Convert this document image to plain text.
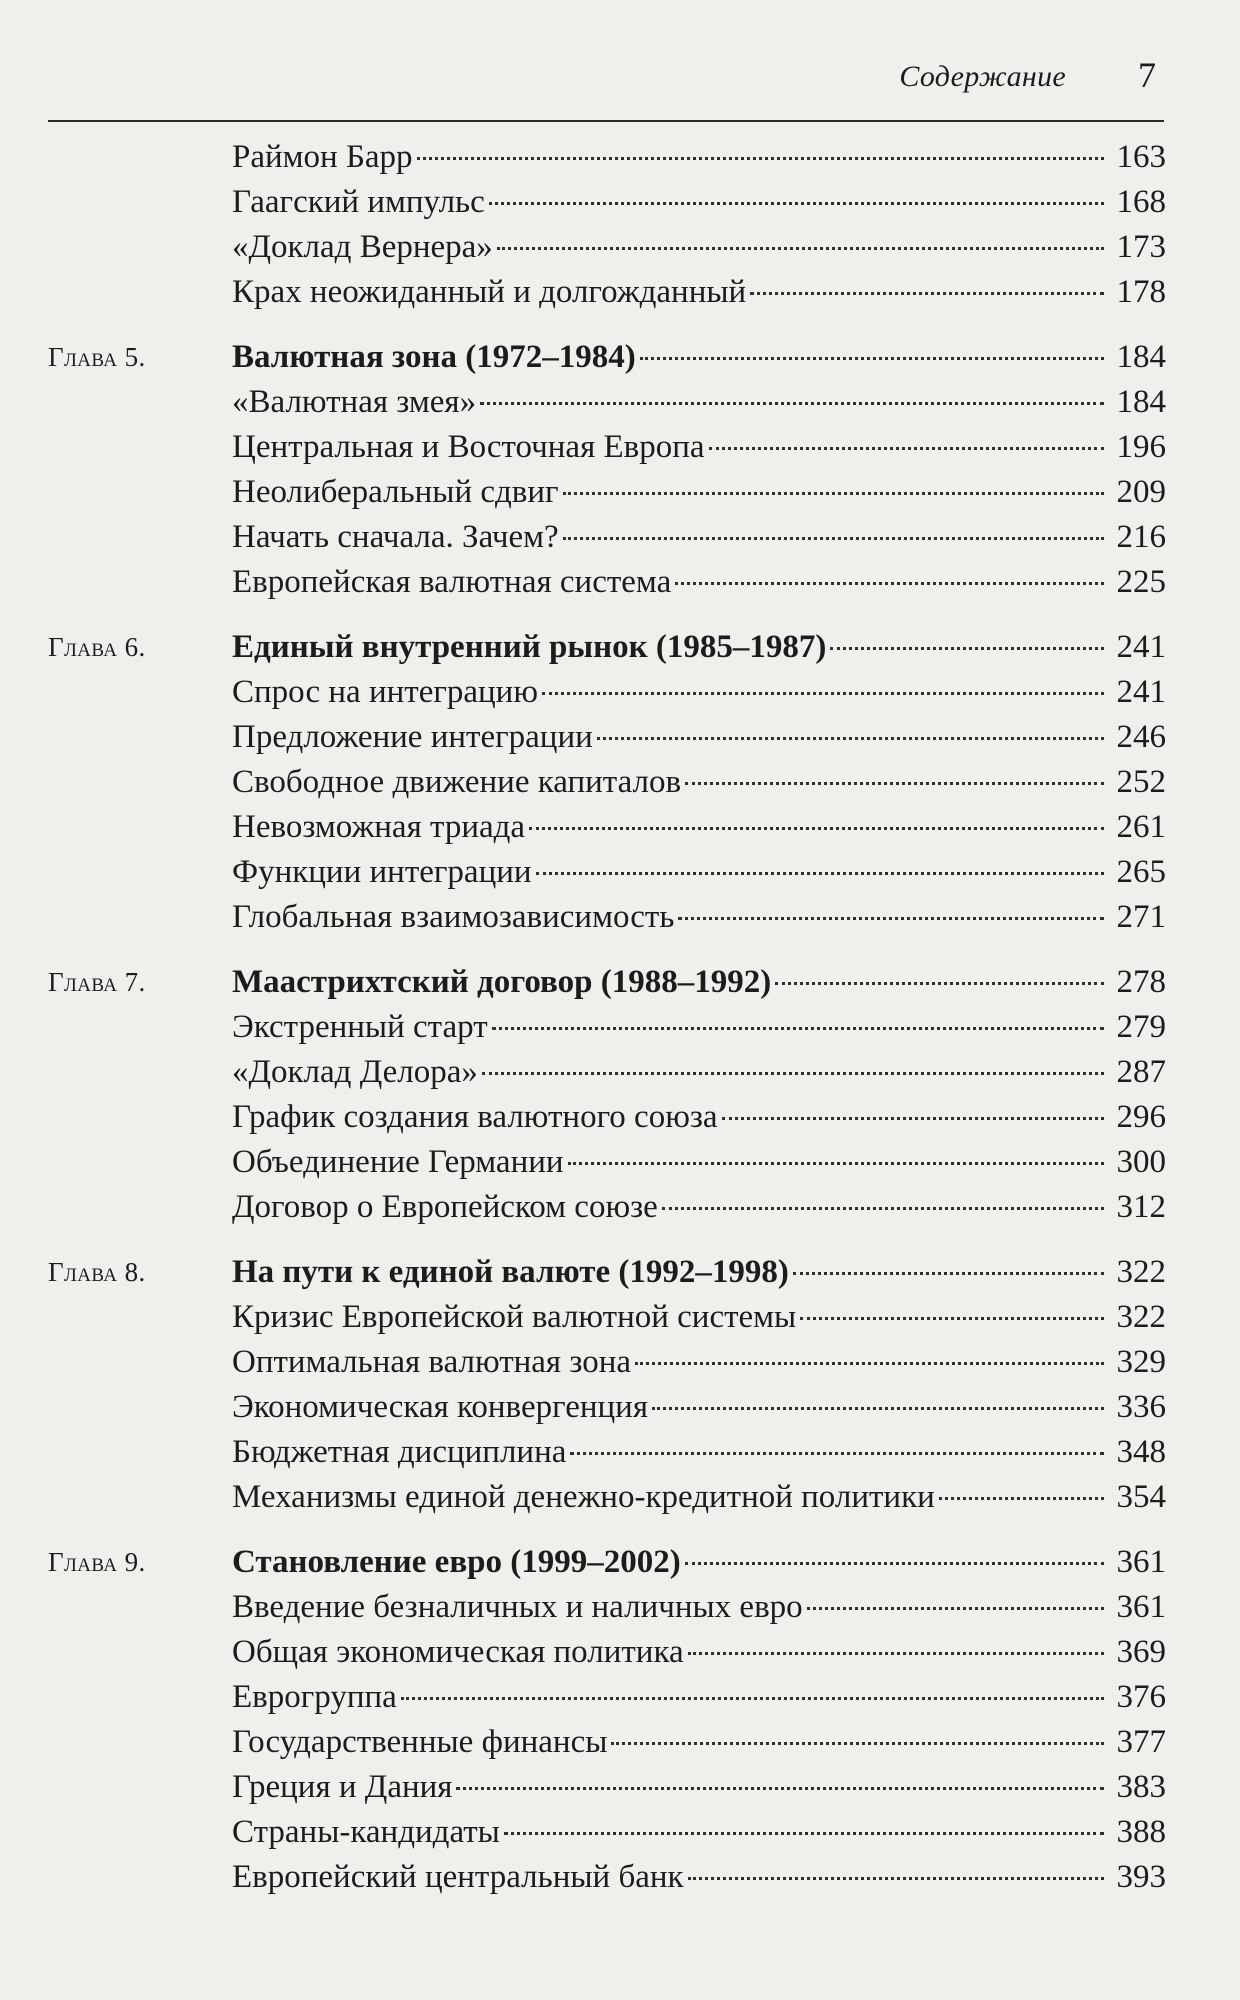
Содержание 7
Раймон Барр	163
Гаагский импульс	168
«Доклад Вернера»	173
Крах неожиданный и долгожданный	178
Глава 5.	Валютная зона (1972–1984)	184
«Валютная змея»	184
Центральная и Восточная Европа	196
Неолиберальный сдвиг	209
Начать сначала. Зачем?	216
Европейская валютная система	225
Глава 6.	Единый внутренний рынок (1985–1987)	241
Спрос на интеграцию	241
Предложение интеграции	246
Свободное движение капиталов	252
Невозможная триада	261
Функции интеграции	265
Глобальная взаимозависимость	271
Глава 7.	Маастрихтский договор (1988–1992)	278
Экстренный старт	279
«Доклад Делора»	287
График создания валютного союза	296
Объединение Германии	300
Договор о Европейском союзе	312
Глава 8.	На пути к единой валюте (1992–1998)	322
Кризис Европейской валютной системы	322
Оптимальная валютная зона	329
Экономическая конвергенция	336
Бюджетная дисциплина	348
Механизмы единой денежно-кредитной политики	354
Глава 9.	Становление евро (1999–2002)	361
Введение безналичных и наличных евро	361
Общая экономическая политика	369
Еврогруппа	376
Государственные финансы	377
Греция и Дания	383
Страны-кандидаты	388
Европейский центральный банк	393
